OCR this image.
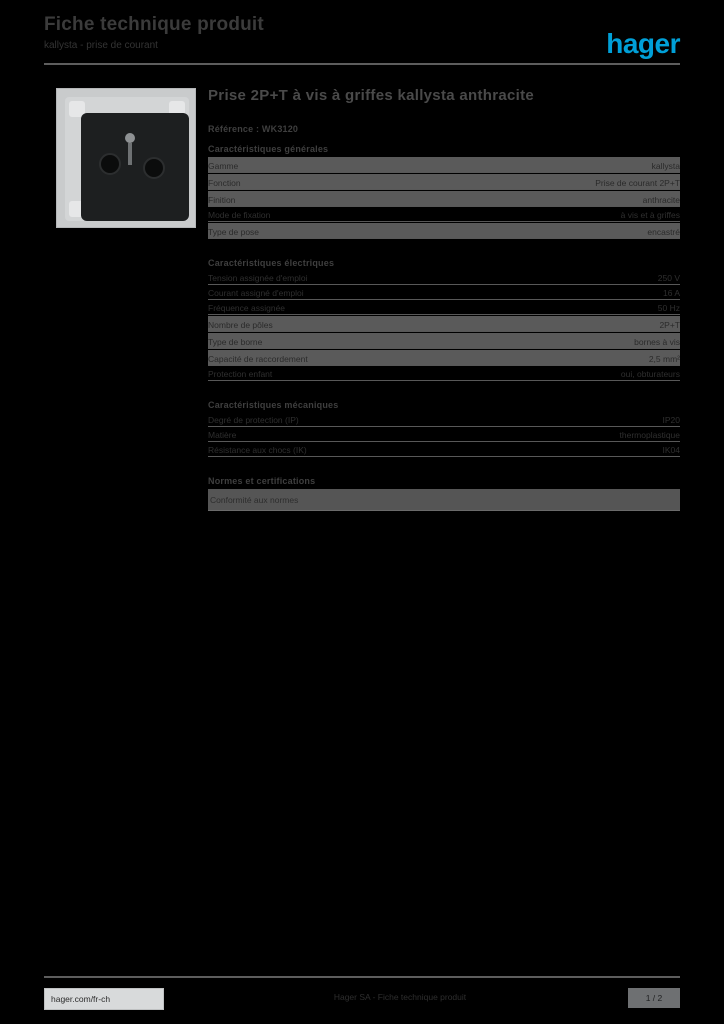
Fiche technique produit
kallysta - prise de courant	hager
Prise 2P+T à vis à griffes kallysta anthracite
Référence : WK3120
Caractéristiques générales
Gamme	kallysta
Fonction	Prise de courant 2P+T
Finition	anthracite
Mode de fixation	à vis et à griffes
Type de pose	encastré
Caractéristiques électriques
Tension assignée d'emploi	250 V
Courant assigné d'emploi	16 A
Fréquence assignée	50 Hz
Nombre de pôles	2P+T
Type de borne	bornes à vis
Capacité de raccordement	2,5 mm²
Protection enfant	oui, obturateurs
Caractéristiques mécaniques
Degré de protection (IP)	IP20
Matière	thermoplastique
Résistance aux chocs (IK)	IK04
Normes et certifications
Conformité aux normes
hager.com/fr-ch	Hager SA - Fiche technique produit	1 / 2
